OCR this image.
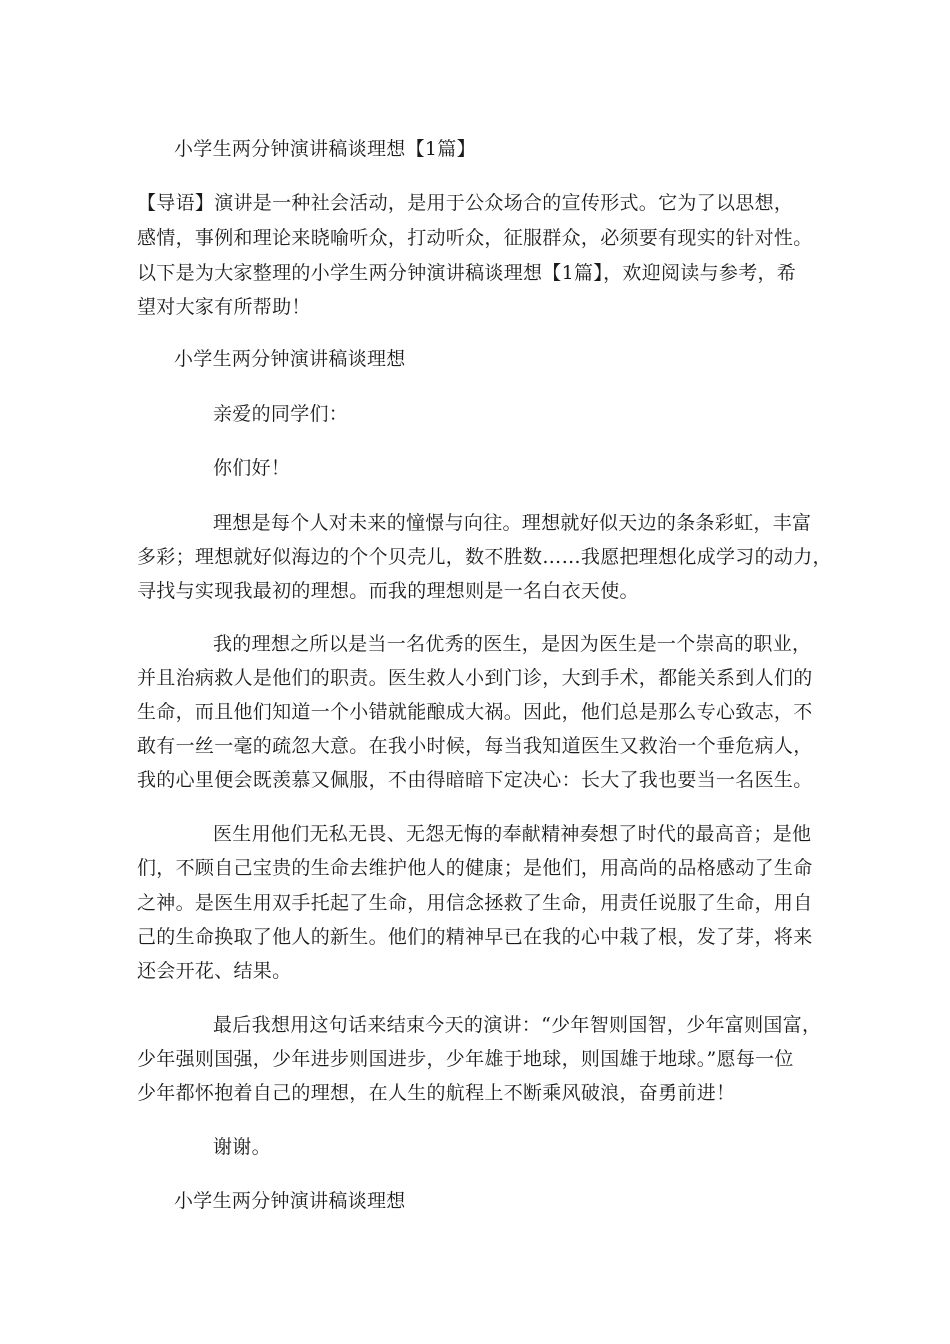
小学生两分钟演讲稿谈理想【1篇】
【导语】演讲是一种社会活动，是用于公众场合的宣传形式。它为了以思想，
感情，事例和理论来晓喻听众，打动听众，征服群众，必须要有现实的针对性。
以下是为大家整理的小学生两分钟演讲稿谈理想【1篇】，欢迎阅读与参考，希
望对大家有所帮助！
小学生两分钟演讲稿谈理想
亲爱的同学们：
你们好！
理想是每个人对未来的憧憬与向往。理想就好似天边的条条彩虹，丰富
多彩；理想就好似海边的个个贝壳儿，数不胜数……我愿把理想化成学习的动力，
寻找与实现我最初的理想。而我的理想则是一名白衣天使。
我的理想之所以是当一名优秀的医生，是因为医生是一个崇高的职业，
并且治病救人是他们的职责。医生救人小到门诊，大到手术，都能关系到人们的
生命，而且他们知道一个小错就能酿成大祸。因此，他们总是那么专心致志，不
敢有一丝一毫的疏忽大意。在我小时候，每当我知道医生又救治一个垂危病人，
我的心里便会既羡慕又佩服，不由得暗暗下定决心：长大了我也要当一名医生。
医生用他们无私无畏、无怨无悔的奉献精神奏想了时代的最高音；是他
们，不顾自己宝贵的生命去维护他人的健康；是他们，用高尚的品格感动了生命
之神。是医生用双手托起了生命，用信念拯救了生命，用责任说服了生命，用自
己的生命换取了他人的新生。他们的精神早已在我的心中栽了根，发了芽，将来
还会开花、结果。
最后我想用这句话来结束今天的演讲：“少年智则国智，少年富则国富，
少年强则国强，少年进步则国进步，少年雄于地球，则国雄于地球。”愿每一位
少年都怀抱着自己的理想，在人生的航程上不断乘风破浪，奋勇前进！
谢谢。
小学生两分钟演讲稿谈理想
